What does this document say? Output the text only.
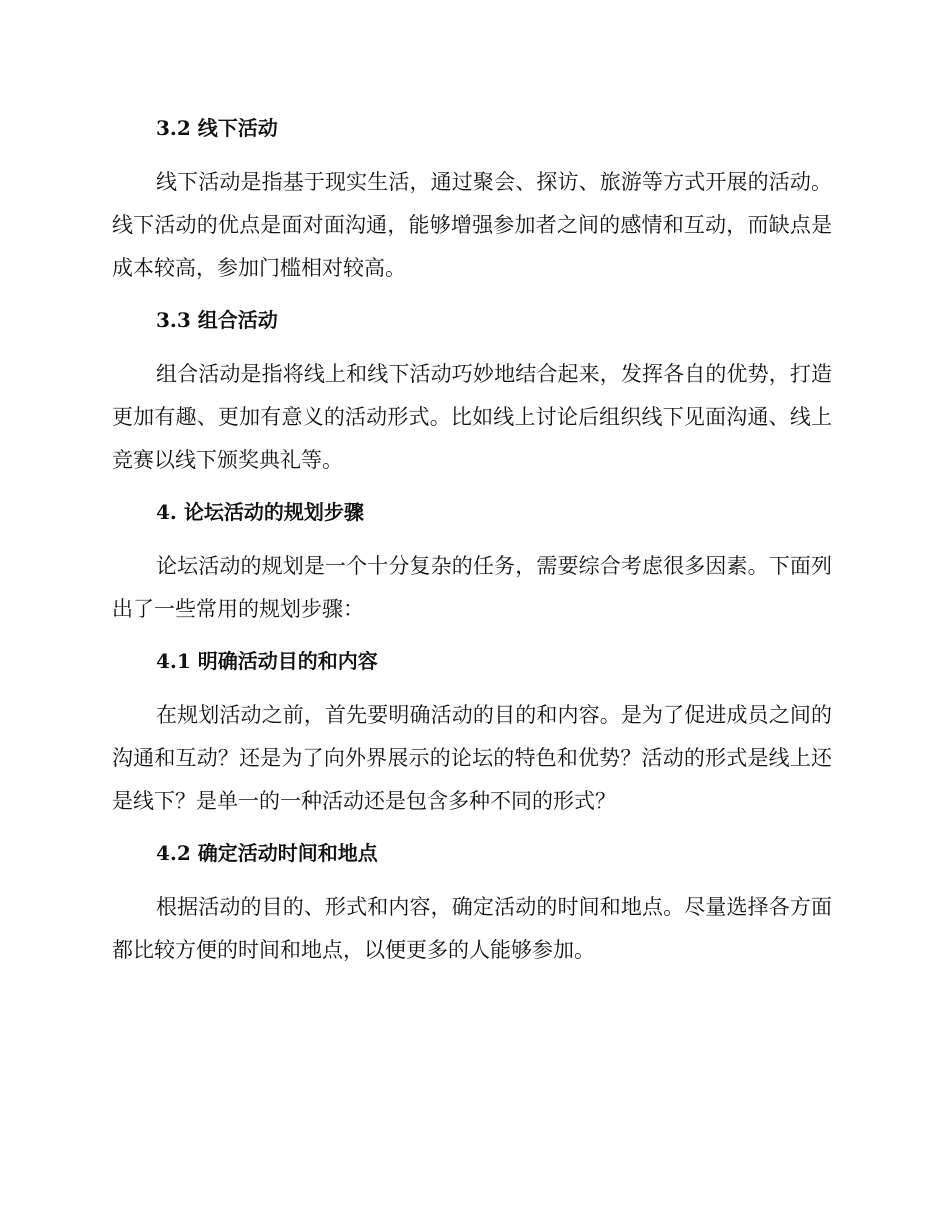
3.2 线下活动

线下活动是指基于现实生活，通过聚会、探访、旅游等方式开展的活动。线下活动的优点是面对面沟通，能够增强参加者之间的感情和互动，而缺点是成本较高，参加门槛相对较高。

3.3 组合活动

组合活动是指将线上和线下活动巧妙地结合起来，发挥各自的优势，打造更加有趣、更加有意义的活动形式。比如线上讨论后组织线下见面沟通、线上竞赛以线下颁奖典礼等。

4. 论坛活动的规划步骤

论坛活动的规划是一个十分复杂的任务，需要综合考虑很多因素。下面列出了一些常用的规划步骤：

4.1 明确活动目的和内容

在规划活动之前，首先要明确活动的目的和内容。是为了促进成员之间的沟通和互动？还是为了向外界展示的论坛的特色和优势？活动的形式是线上还是线下？是单一的一种活动还是包含多种不同的形式？

4.2 确定活动时间和地点

根据活动的目的、形式和内容，确定活动的时间和地点。尽量选择各方面都比较方便的时间和地点，以便更多的人能够参加。
